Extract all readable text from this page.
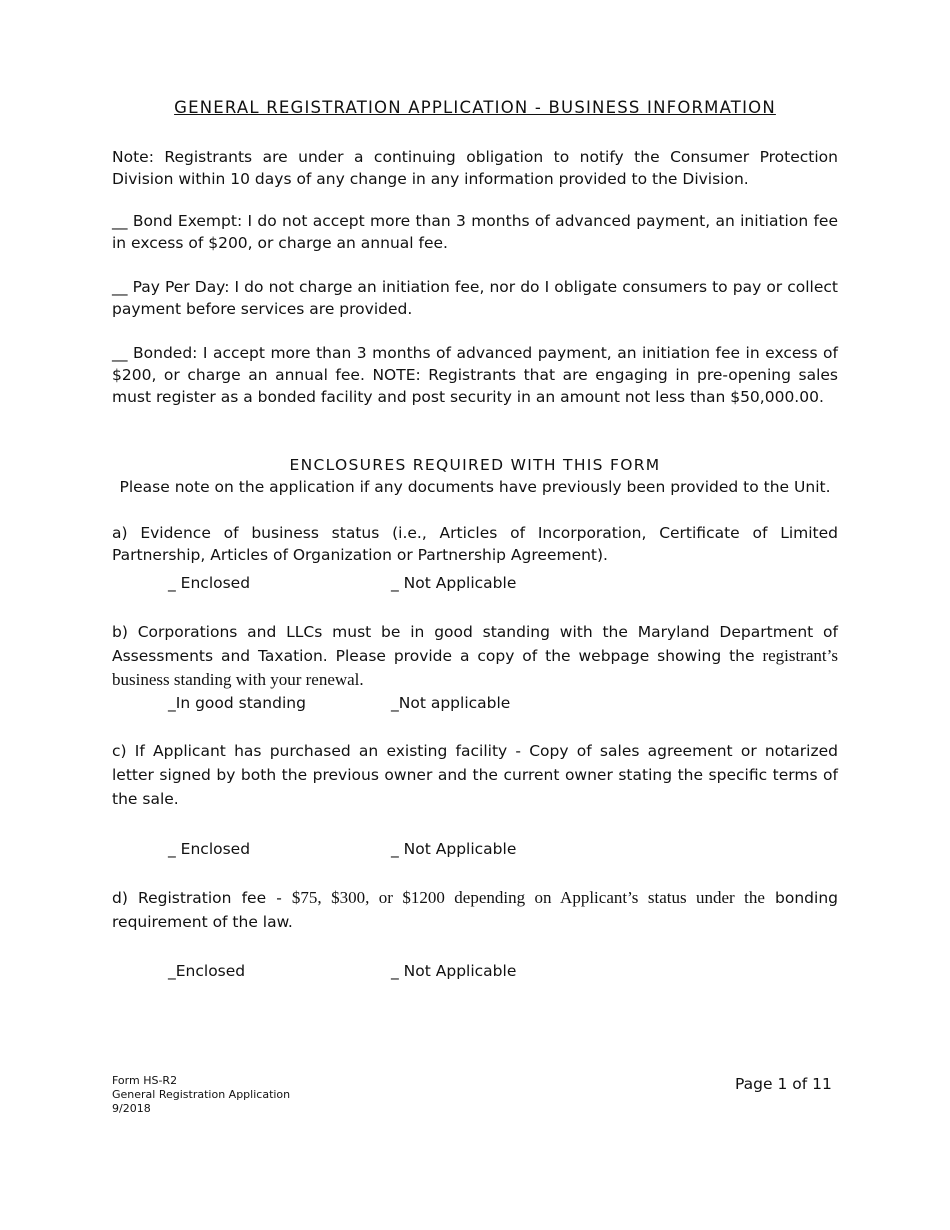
GENERAL REGISTRATION APPLICATION - BUSINESS INFORMATION
Note: Registrants are under a continuing obligation to notify the Consumer Protection Division within 10 days of any change in any information provided to the Division.
__ Bond Exempt: I do not accept more than 3 months of advanced payment, an initiation fee in excess of $200, or charge an annual fee.
__ Pay Per Day: I do not charge an initiation fee, nor do I obligate consumers to pay or collect payment before services are provided.
__ Bonded: I accept more than 3 months of advanced payment, an initiation fee in excess of $200, or charge an annual fee. NOTE: Registrants that are engaging in pre-opening sales must register as a bonded facility and post security in an amount not less than $50,000.00.
ENCLOSURES REQUIRED WITH THIS FORM
Please note on the application if any documents have previously been provided to the Unit.
a) Evidence of business status (i.e., Articles of Incorporation, Certificate of Limited Partnership, Articles of Organization or Partnership Agreement).
_ Enclosed	_ Not Applicable
b) Corporations and LLCs must be in good standing with the Maryland Department of Assessments and Taxation. Please provide a copy of the webpage showing the registrant’s business standing with your renewal.
_In good standing	_Not applicable
c) If Applicant has purchased an existing facility - Copy of sales agreement or notarized letter signed by both the previous owner and the current owner stating the specific terms of the sale.
_ Enclosed	_ Not Applicable
d) Registration fee - $75, $300, or $1200 depending on Applicant’s status under the bonding requirement of the law.
_Enclosed	_ Not Applicable
Form HS-R2
General Registration Application
9/2018
Page 1 of 11
